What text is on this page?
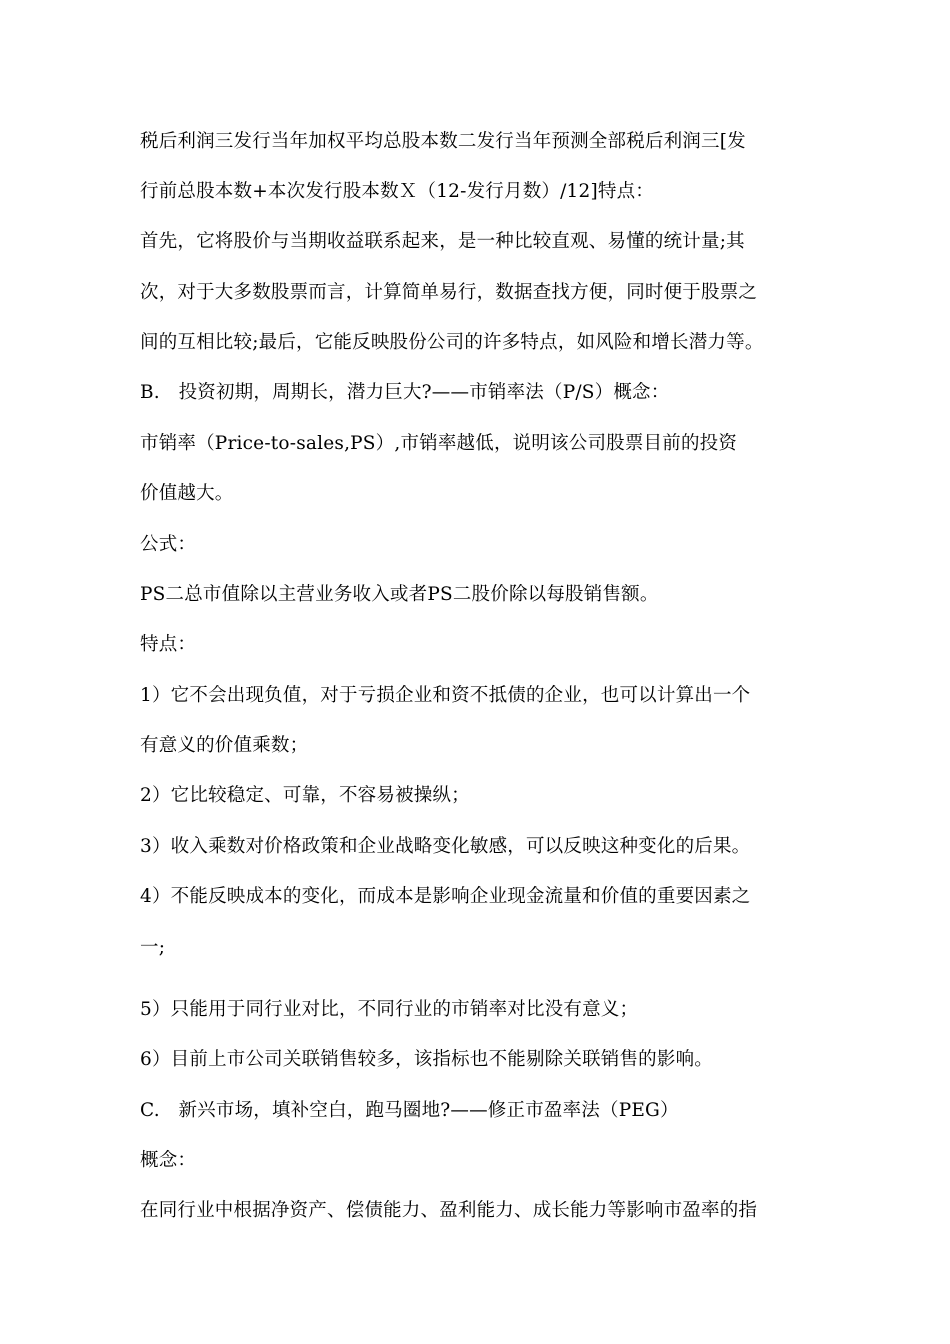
税后利润三发行当年加权平均总股本数二发行当年预测全部税后利润三[发
行前总股本数+本次发行股本数Ｘ（12-发行月数）/12]特点：
首先，它将股价与当期收益联系起来，是一种比较直观、易懂的统计量;其
次，对于大多数股票而言，计算简单易行，数据查找方便，同时便于股票之
间的互相比较;最后，它能反映股份公司的许多特点，如风险和增长潜力等。
B.　投资初期，周期长，潜力巨大?——市销率法（P/S）概念：
市销率（Price-to-sales,PS）,市销率越低，说明该公司股票目前的投资
价值越大。
公式：
PS二总市值除以主营业务收入或者PS二股价除以每股销售额。
特点：
1）它不会出现负值，对于亏损企业和资不抵债的企业，也可以计算出一个
有意义的价值乘数；
2）它比较稳定、可靠，不容易被操纵；
3）收入乘数对价格政策和企业战略变化敏感，可以反映这种变化的后果。
4）不能反映成本的变化，而成本是影响企业现金流量和价值的重要因素之
一;
5）只能用于同行业对比，不同行业的市销率对比没有意义；
6）目前上市公司关联销售较多，该指标也不能剔除关联销售的影响。
C.　新兴市场，填补空白，跑马圈地?——修正市盈率法（PEG）
概念：
在同行业中根据净资产、偿债能力、盈利能力、成长能力等影响市盈率的指
